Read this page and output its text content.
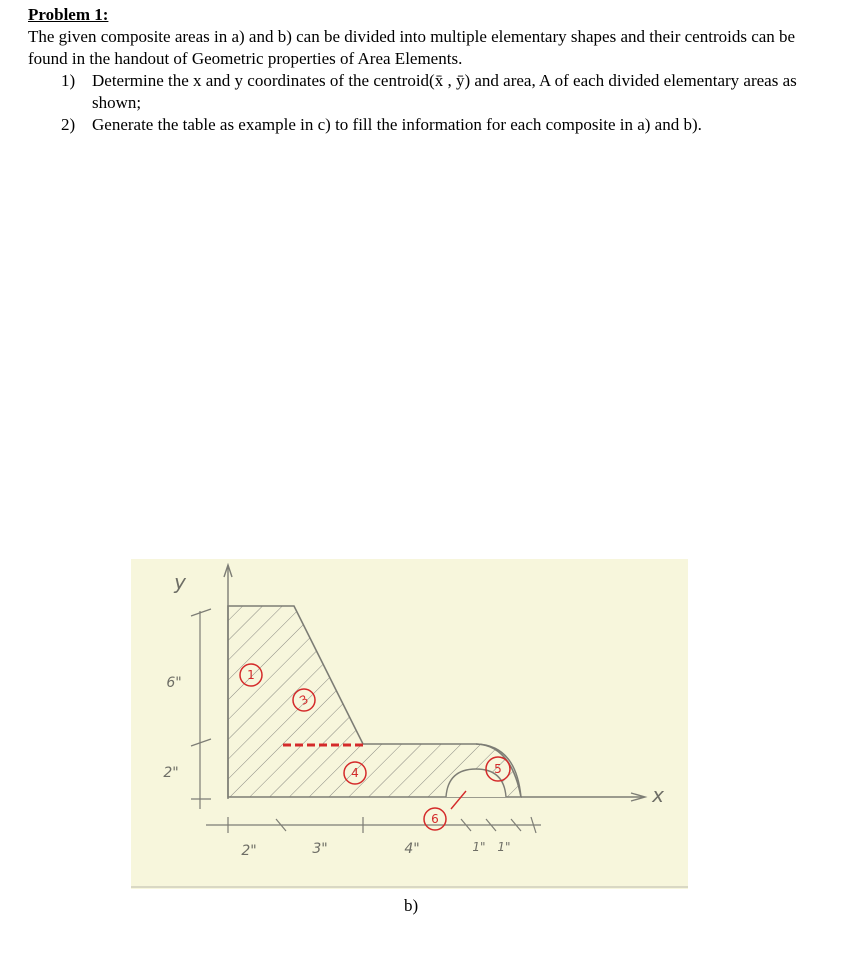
Problem 1:

The given composite areas in a) and b) can be divided into multiple elementary shapes and their centroids can be found in the handout of Geometric properties of Area Elements.

1) Determine the x and y coordinates of the centroid(x̄ , ȳ) and area, A of each divided elementary areas as shown;
2) Generate the table as example in c) to fill the information for each composite in a) and b).
1
3
4	5
6
y
x
6"
2"
2"	3"	4"	1" 1"
b)
